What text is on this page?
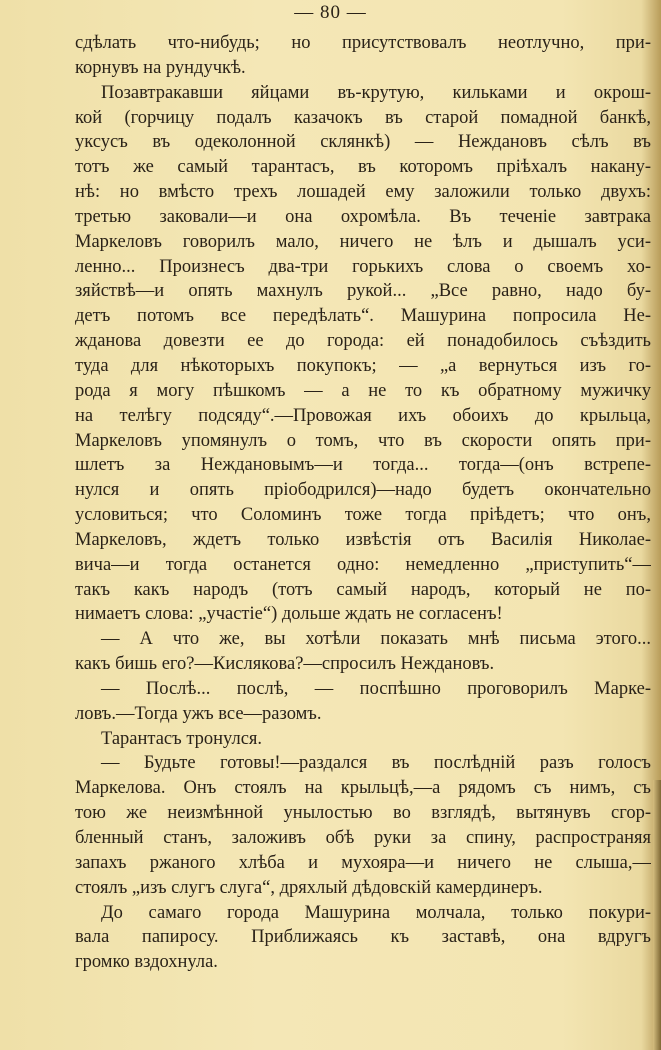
— 80 —
сдѣлать что-нибудь; но присутствовалъ неотлучно, при-
корнувъ на рундучкѣ.
Позавтракавши яйцами въ-крутую, кильками и окрош-
кой (горчицу подалъ казачокъ въ старой помадной банкѣ,
уксусъ въ одеколонной склянкѣ) — Неждановъ сѣлъ въ
тотъ же самый тарантасъ, въ которомъ пріѣхалъ накану-
нѣ: но вмѣсто трехъ лошадей ему заложили только двухъ:
третью заковали—и она охромѣла. Въ теченіе завтрака
Маркеловъ говорилъ мало, ничего не ѣлъ и дышалъ уси-
ленно... Произнесъ два-три горькихъ слова о своемъ хо-
зяйствѣ—и опять махнулъ рукой... „Все равно, надо бу-
детъ потомъ все передѣлать“. Машурина попросила Не-
жданова довезти ее до города: ей понадобилось съѣздить
туда для нѣкоторыхъ покупокъ; — „а вернуться изъ го-
рода я могу пѣшкомъ — а не то къ обратному мужичку
на телѣгу подсяду“.—Провожая ихъ обоихъ до крыльца,
Маркеловъ упомянулъ о томъ, что въ скорости опять при-
шлетъ за Неждановымъ—и тогда... тогда—(онъ встрепе-
нулся и опять пріободрился)—надо будетъ окончательно
условиться; что Соломинъ тоже тогда пріѣдетъ; что онъ,
Маркеловъ, ждетъ только извѣстія отъ Василія Николае-
вича—и тогда останется одно: немедленно „приступить“—
такъ какъ народъ (тотъ самый народъ, который не по-
нимаетъ слова: „участіе“) дольше ждать не согласенъ!
— А что же, вы хотѣли показать мнѣ письма этого...
какъ бишь его?—Кислякова?—спросилъ Неждановъ.
— Послѣ... послѣ, — поспѣшно проговорилъ Марке-
ловъ.—Тогда ужъ все—разомъ.
Тарантасъ тронулся.
— Будьте готовы!—раздался въ послѣдній разъ голосъ
Маркелова. Онъ стоялъ на крыльцѣ,—а рядомъ съ нимъ, съ
тою же неизмѣнной унылостью во взглядѣ, вытянувъ сгор-
бленный станъ, заложивъ обѣ руки за спину, распространяя
запахъ ржаного хлѣба и мухояра—и ничего не слыша,—
стоялъ „изъ слугъ слуга“, дряхлый дѣдовскій камердинеръ.
До самаго города Машурина молчала, только покури-
вала папиросу. Приближаясь къ заставѣ, она вдругъ
громко вздохнула.
